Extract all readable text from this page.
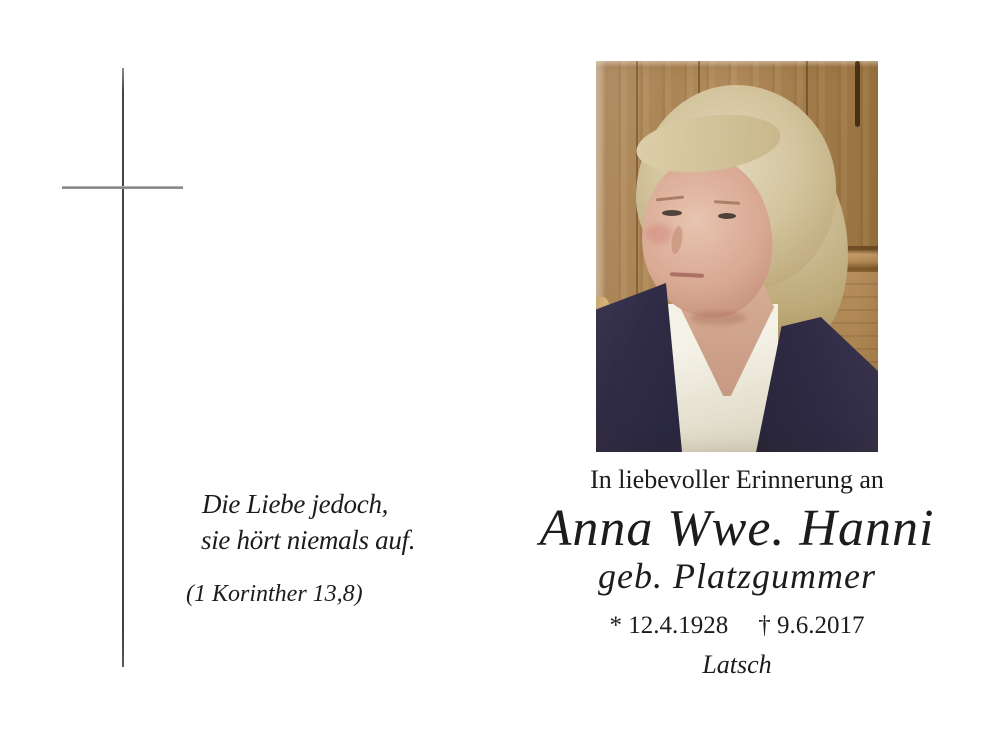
Die Liebe jedoch,
sie hört niemals auf.
(1 Korinther 13,8)
In liebevoller Erinnerung an
Anna Wwe. Hanni
geb. Platzgummer
* 12.4.1928 † 9.6.2017
Latsch
